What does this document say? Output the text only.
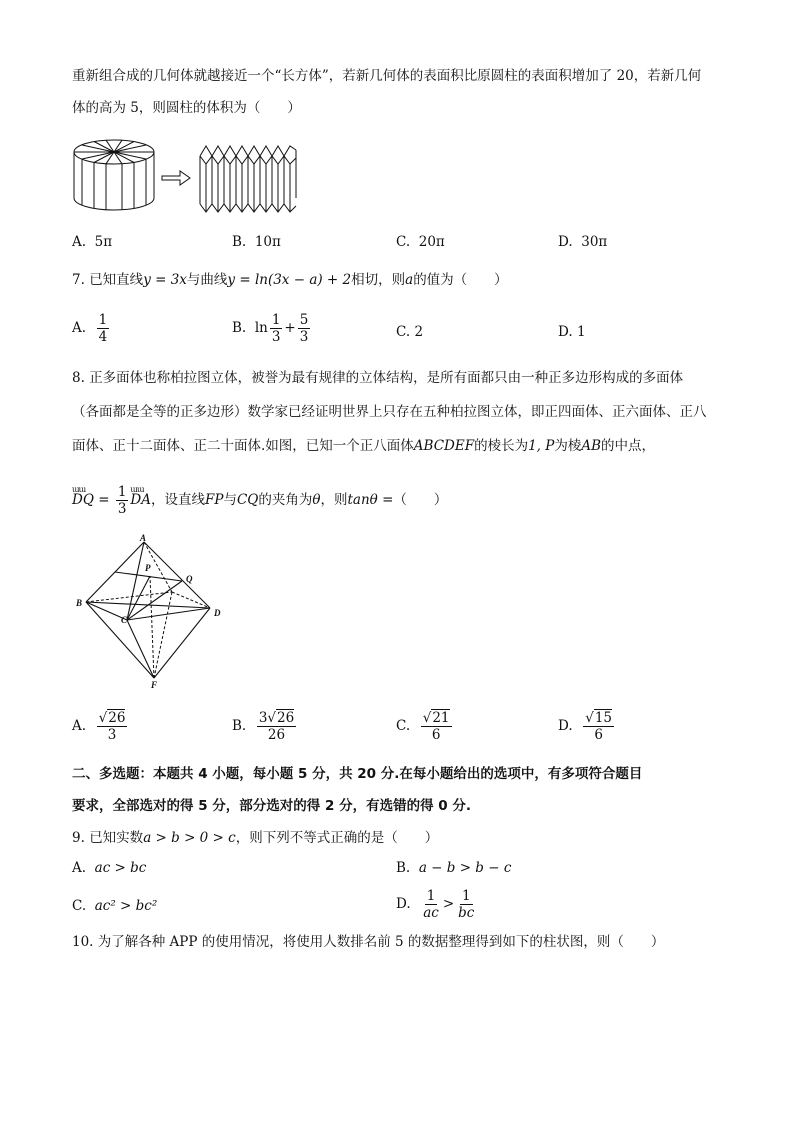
重新组合成的几何体就越接近一个“长方体”，若新几何体的表面积比原圆柱的表面积增加了 20，若新几何
体的高为 5，则圆柱的体积为（　　）
A. 5π	B. 10π	C. 20π	D. 30π
7. 已知直线y = 3x与曲线y = ln(3x − a) + 2相切，则a的值为（　　）
A. $\frac{1}{4}$	B. $\ln \frac{1}{3} + \frac{5}{3}$	C. 2	D. 1
8. 正多面体也称柏拉图立体，被誉为最有规律的立体结构，是所有面都只由一种正多边形构成的多面体
（各面都是全等的正多边形）数学家已经证明世界上只存在五种柏拉图立体，即正四面体、正六面体、正八
面体、正十二面体、正二十面体.如图，已知一个正八面体ABCDEF的棱长为1, P为棱AB的中点，
ɯɯ
DQ = $\frac{1}{3}$ ɯɯ
DA，设直线FP与CQ的夹角为θ，则tanθ =（　　）
A
B
C
D
F
P
Q
A. $\frac{√26}{3}$	B. $\frac{3√26}{26}$	C. $\frac{√21}{6}$	D. $\frac{√15}{6}$
二、多选题：本题共 4 小题，每小题 5 分，共 20 分.在每小题给出的选项中，有多项符合题目
要求，全部选对的得 5 分，部分选对的得 2 分，有选错的得 0 分.
9. 已知实数a > b > 0 > c，则下列不等式正确的是（　　）
A. ac > bc	B. a − b > b − c
C. ac² > bc²	D. $\frac{1}{ac} > \frac{1}{bc}$
10. 为了解各种 APP 的使用情况，将使用人数排名前 5 的数据整理得到如下的柱状图，则（　　）
